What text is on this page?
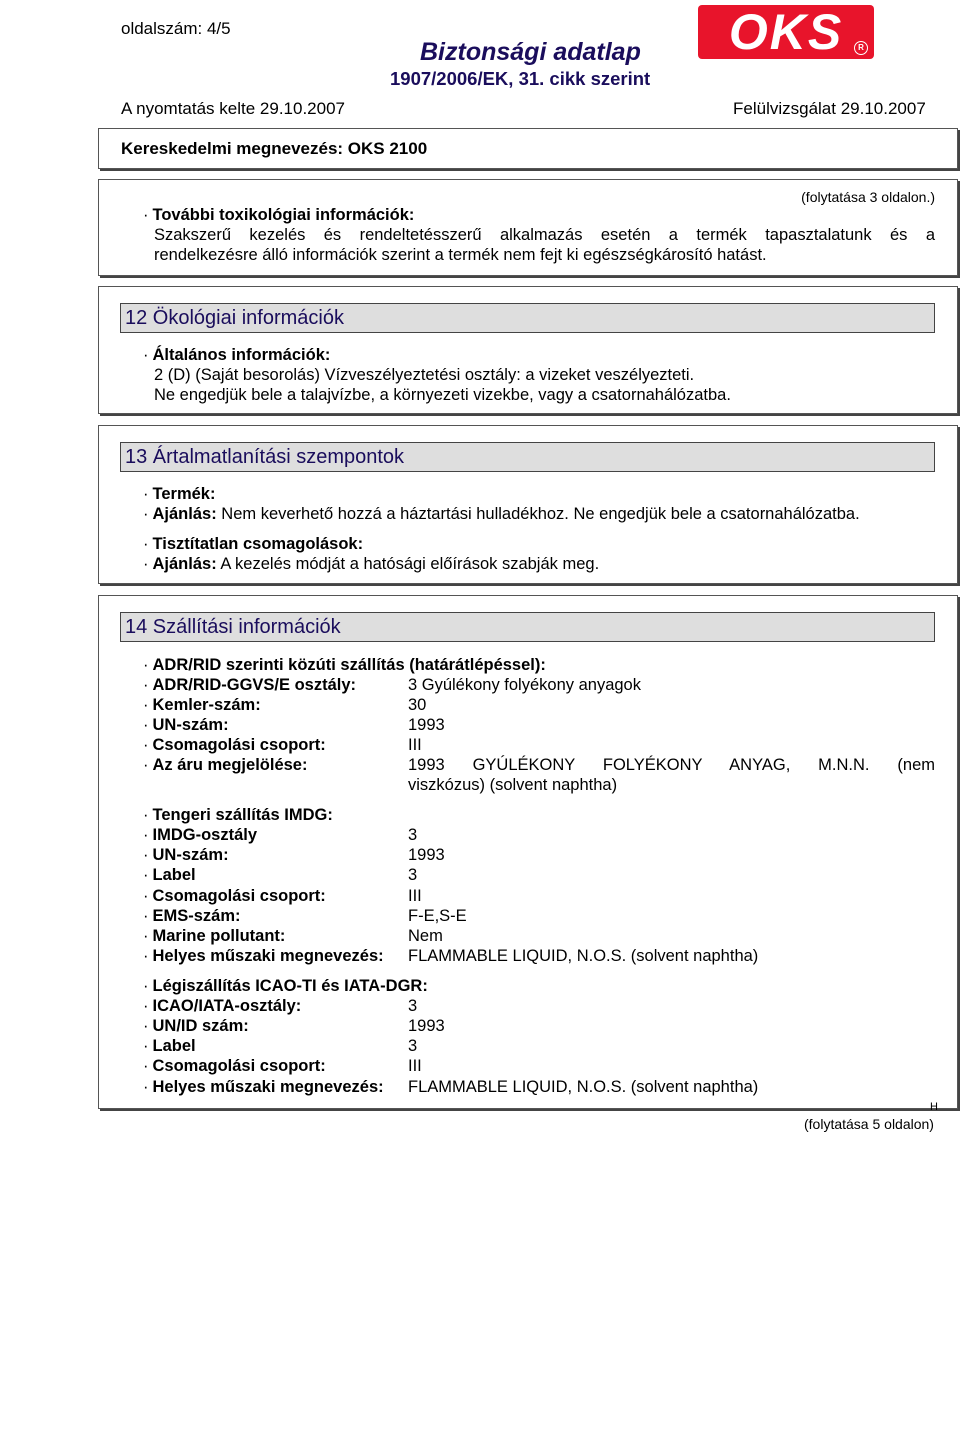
oldalszám: 4/5
Biztonsági adatlap
1907/2006/EK, 31. cikk szerint
OKS	R
A nyomtatás kelte 29.10.2007	Felülvizsgálat 29.10.2007
Kereskedelmi megnevezés: OKS 2100
(folytatása 3 oldalon.)
· További toxikológiai információk:
Szakszerű kezelés és rendeltetésszerű alkalmazás esetén a termék tapasztalatunk és a
rendelkezésre álló információk szerint a termék nem fejt ki egészségkárosító hatást.
12 Ökológiai információk
· Általános információk:
2 (D) (Saját besorolás) Vízveszélyeztetési osztály: a vizeket veszélyezteti.
Ne engedjük bele a talajvízbe, a környezeti vizekbe, vagy a csatornahálózatba.
13 Ártalmatlanítási szempontok
· Termék:
· Ajánlás: Nem keverhető hozzá a háztartási hulladékhoz. Ne engedjük bele a csatornahálózatba.
· Tisztítatlan csomagolások:
· Ajánlás: A kezelés módját a hatósági előírások szabják meg.
14 Szállítási információk
· ADR/RID szerinti közúti szállítás (határátlépéssel):
· ADR/RID-GGVS/E osztály:	3 Gyúlékony folyékony anyagok
· Kemler-szám:	30
· UN-szám:	1993
· Csomagolási csoport:	III
· Az áru megjelölése:	1993 GYÚLÉKONY FOLYÉKONY ANYAG, M.N.N. (nem
viszkózus) (solvent naphtha)
· Tengeri szállítás IMDG:
· IMDG-osztály	3
· UN-szám:	1993
· Label	3
· Csomagolási csoport:	III
· EMS-szám:	F-E,S-E
· Marine pollutant:	Nem
· Helyes műszaki megnevezés: FLAMMABLE LIQUID, N.O.S. (solvent naphtha)
· Légiszállítás ICAO-TI és IATA-DGR:
· ICAO/IATA-osztály:	3
· UN/ID szám:	1993
· Label	3
· Csomagolási csoport:	III
· Helyes műszaki megnevezés: FLAMMABLE LIQUID, N.O.S. (solvent naphtha)
H
(folytatása 5 oldalon)
